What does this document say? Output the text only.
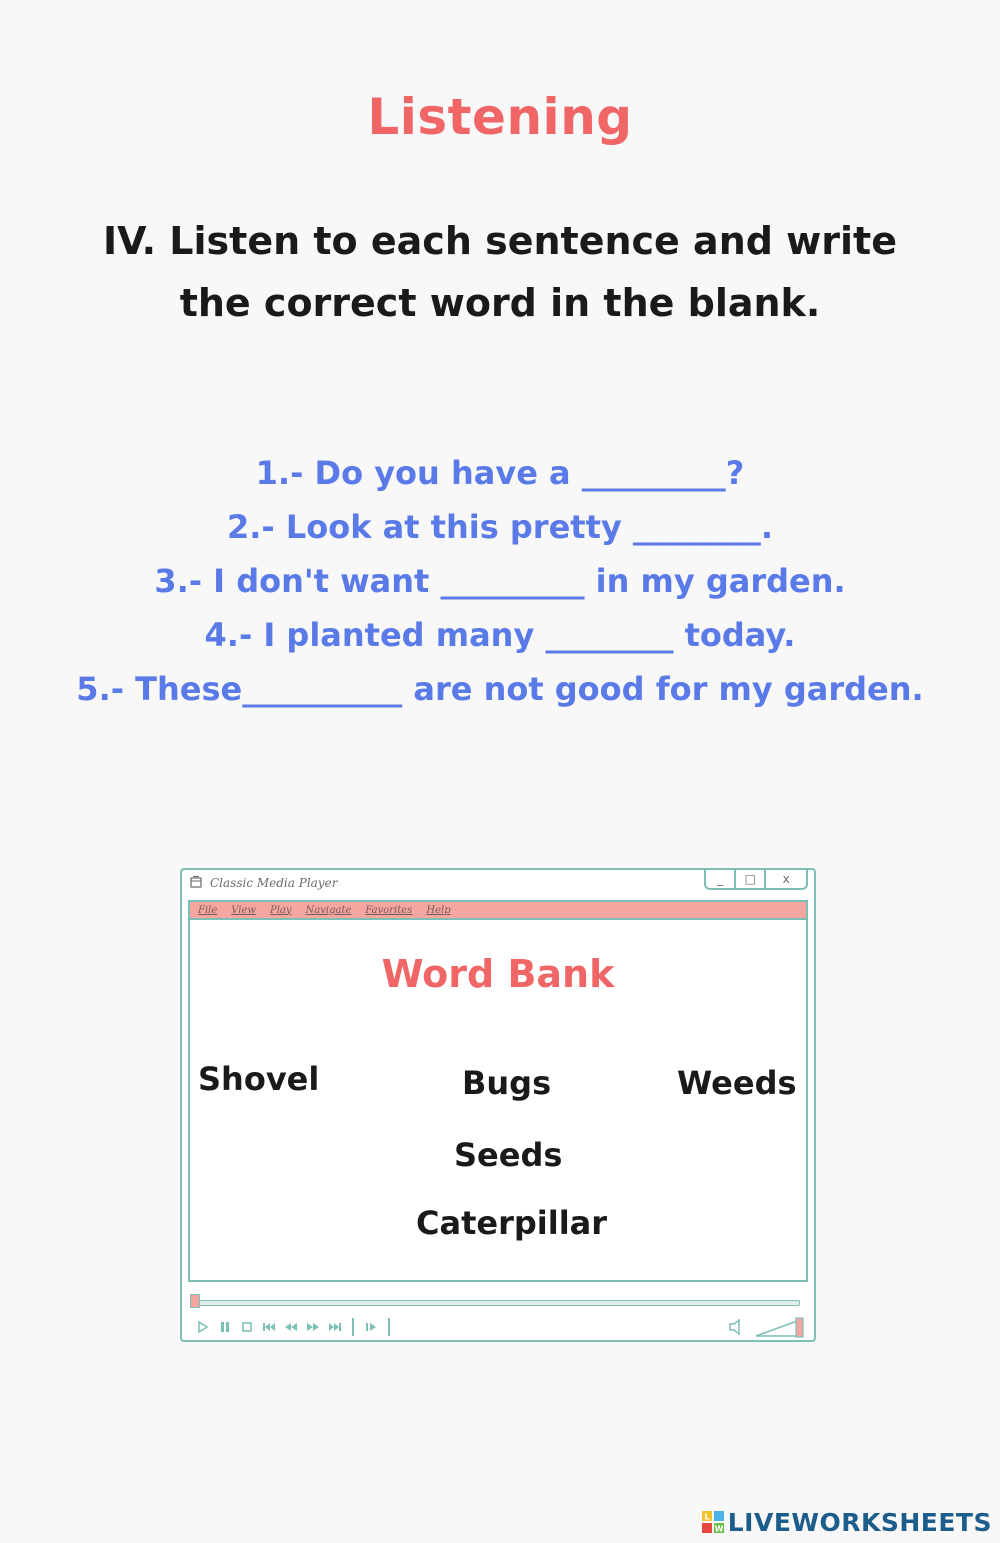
Listening
IV. Listen to each sentence and write
the correct word in the blank.
1.- Do you have a _________?
2.- Look at this pretty ________.
3.- I don't want _________ in my garden.
4.- I planted many ________ today.
5.- These__________ are not good for my garden.
Classic Media Player	_	□	x
File View Play Navigate Favorites Help
Word Bank
Shovel	Bugs	Weeds
Seeds
Caterpillar
L
W LIVEWORKSHEETS
